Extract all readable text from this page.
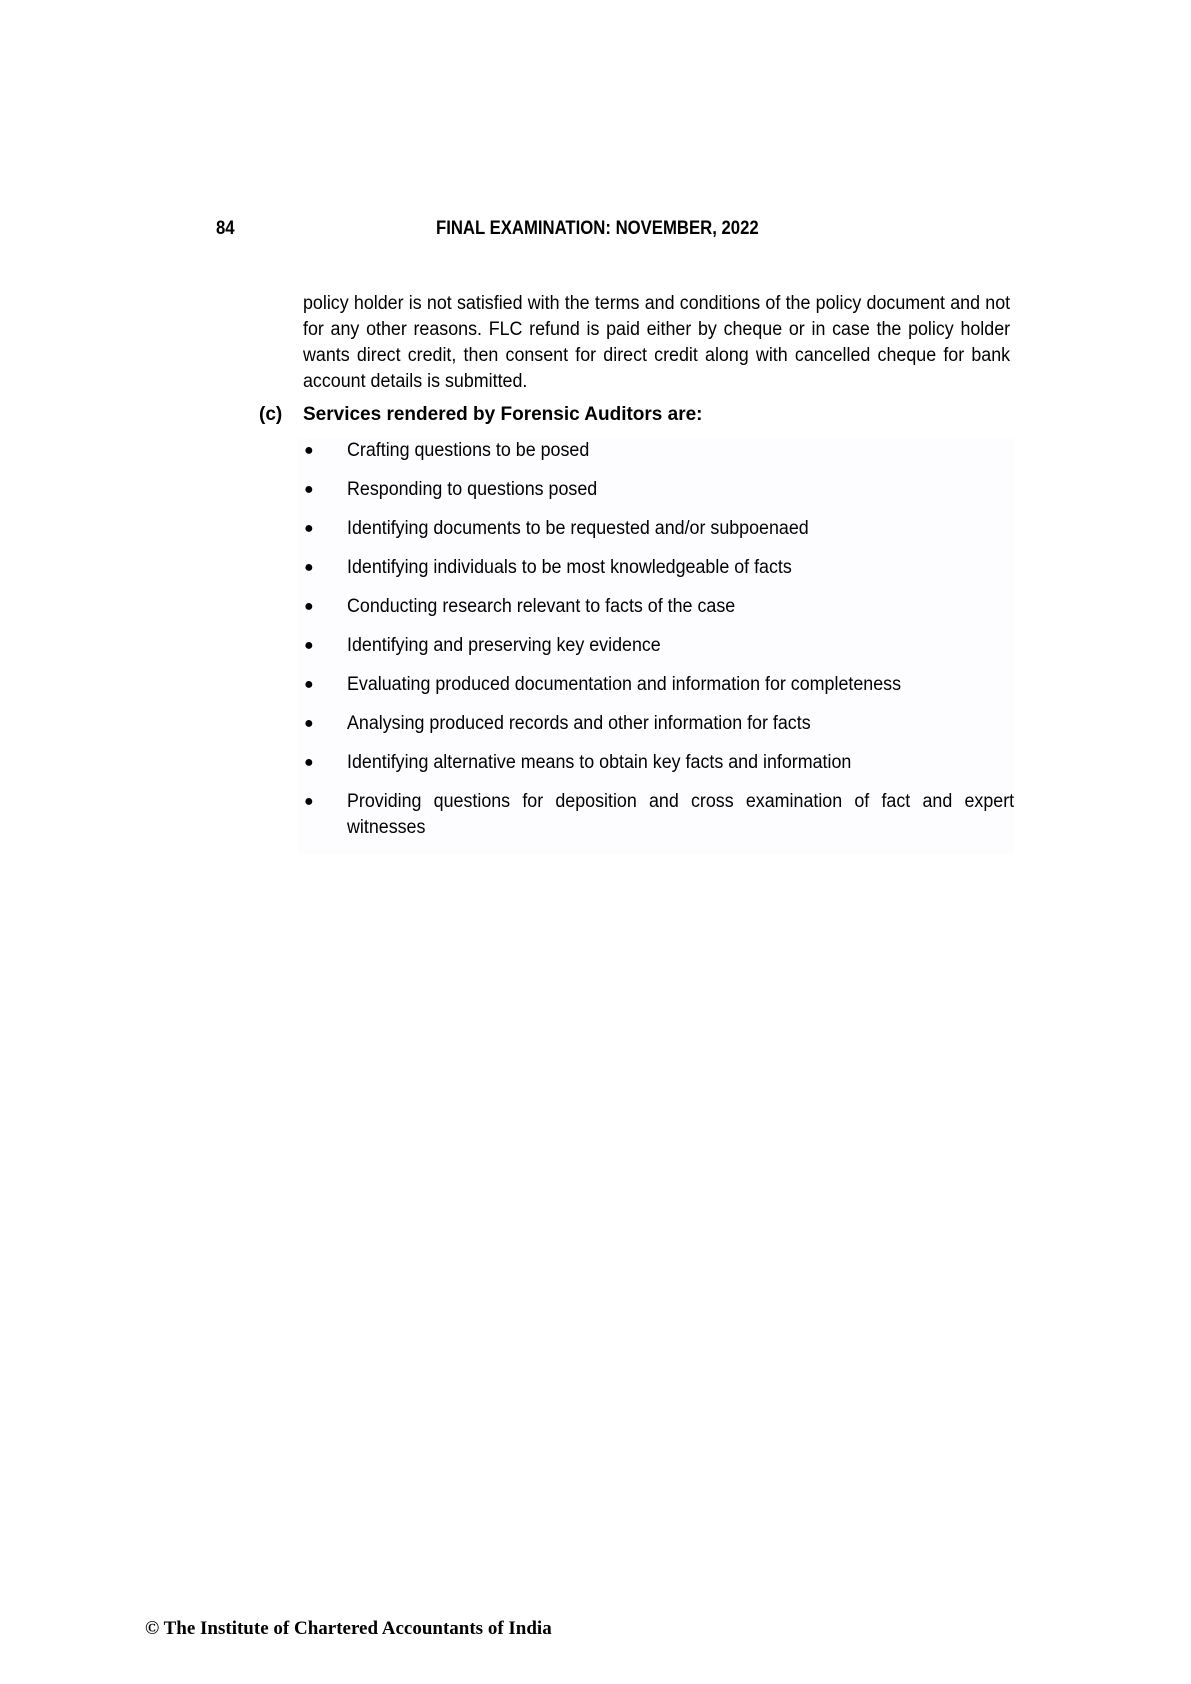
84	FINAL EXAMINATION: NOVEMBER, 2022
policy holder is not satisfied with the terms and conditions of the policy document and not for any other reasons. FLC refund is paid either by cheque or in case the policy holder wants direct credit, then consent for direct credit along with cancelled cheque for bank account details is submitted.
(c) Services rendered by Forensic Auditors are:
● Crafting questions to be posed
● Responding to questions posed
● Identifying documents to be requested and/or subpoenaed
● Identifying individuals to be most knowledgeable of facts
● Conducting research relevant to facts of the case
● Identifying and preserving key evidence
● Evaluating produced documentation and information for completeness
● Analysing produced records and other information for facts
● Identifying alternative means to obtain key facts and information
● Providing questions for deposition and cross examination of fact and expert witnesses
© The Institute of Chartered Accountants of India
